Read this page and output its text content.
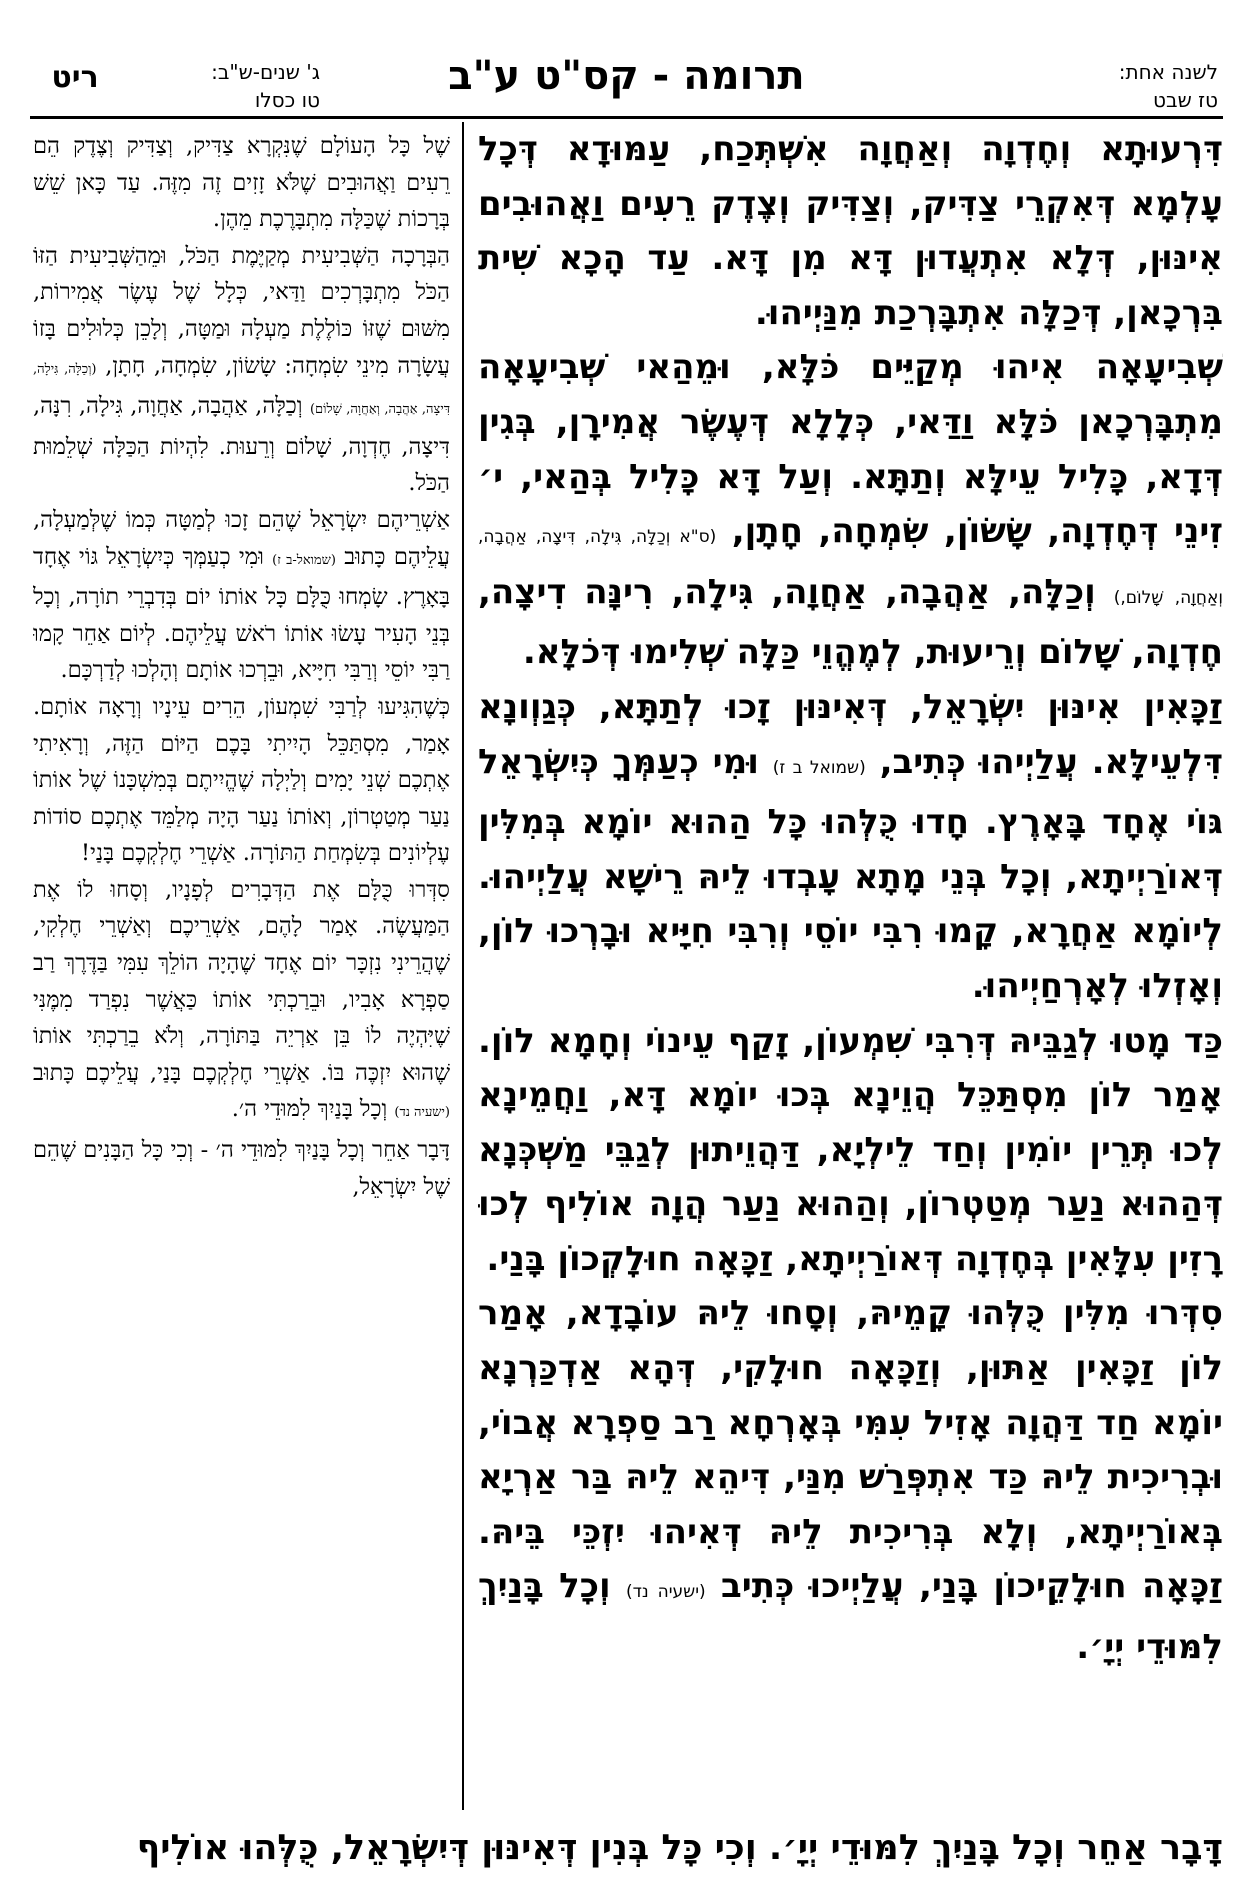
לשנה אחת:
טז שבט
תרומה - קס"ט ע"ב
ג' שנים-ש"ב:
טו כסלו
ריט

דִּרְעוּתָא וְחֶדְוָה וְאַחֲוָה אִשְׁתְּכַח, עַמּוּדָא דְּכָל עָלְמָא דְּאִקְרֵי צַדִּיק, וְצַדִּיק וְצֶדֶק רֵעִים וַאֲהוּבִים אִינּוּן, דְּלָא אִתְעֲדוּן דָּא מִן דָּא. עַד הָכָא שִׁית בִּרְכָאן, דְּכַלָּה אִתְבָּרְכַת מִנַּיְיהוּ.

שְׁבִיעָאָה אִיהוּ מְקַיֵּים כֹּלָּא, וּמֵהַאי שְׁבִיעָאָה מִתְבָּרְכָאן כֹּלָּא וַדַּאי, כְּלָלָא דְּעֶשֶׂר אֲמִירָן, בְּגִין דְּדָא, כָּלִיל עֵילָּא וְתַתָּא. וְעַל דָּא כָּלִיל בְּהַאי, י׳ זִינֵי דְּחֶדְוָה, שָׂשׂוֹן, שִׂמְחָה, חָתָן, (ס"א וְכַלָּה, גִּילָה, דִּיצָה, אַהֲבָה, וְאַחֲוָה, שָׁלוֹם,) וְכַלָּה, אַהֲבָה, אַחֲוָה, גִּילָה, רִינָּה דִיצָה, חֶדְוָה, שָׁלוֹם וְרֵיעוּת, לְמֶהֱוֵי כַּלָּה שְׁלִימוּ דְּכֹלָּא.

זַכָּאִין אִינּוּן יִשְׂרָאֵל, דְּאִינּוּן זָכוּ לְתַתָּא, כְּגַוְונָא דִּלְעֵילָּא. עֲלַיְיהוּ כְּתִיב, (שמואל ב ז) וּמִי כְעַמְּךָ כְּיִשְׂרָאֵל גּוֹי אֶחָד בָּאָרֶץ. חָדוּ כֻּלְּהוּ כָּל הַהוּא יוֹמָא בְּמִלִּין דְּאוֹרַיְיתָא, וְכָל בְּנֵי מָתָא עָבְדוּ לֵיהּ רֵישָׁא עֲלַיְיהוּ. לְיוֹמָא אַחֲרָא, קָמוּ רִבִּי יוֹסֵי וְרִבִּי חִיָּיא וּבָרְכוּ לוֹן, וְאָזְלוּ לְאָרְחַיְיהוּ.

כַּד מָטוּ לְגַבֵּיהּ דְּרִבִּי שִׁמְעוֹן, זָקַף עֵינוֹי וְחָמָא לוֹן. אָמַר לוֹן מִסְתַּכֵּל הֲוֵינָא בְּכוּ יוֹמָא דָּא, וַחֲמֵינָא לְכוּ תְּרֵין יוֹמִין וְחַד לֵילְיָא, דַּהֲוֵיתוּן לְגַבֵּי מַשְׁכְּנָא דְּהַהוּא נַעַר מְטַטְרוֹן, וְהַהוּא נַעַר הֲוָה אוֹלִיף לְכוּ רָזִין עִלָּאִין בְּחֶדְוָה דְּאוֹרַיְיתָא, זַכָּאָה חוּלָקְכוֹן בָּנַי.

סִדְּרוּ מִלִּין כֻּלְּהוּ קָמֵיהּ, וְסָחוּ לֵיהּ עוֹבָדָא, אָמַר לוֹן זַכָּאִין אַתּוּן, וְזַכָּאָה חוּלָקִי, דְּהָא אַדְכַּרְנָא יוֹמָא חַד דַּהֲוָה אָזִיל עִמִּי בְּאָרְחָא רַב סַפְרָא אֲבוֹי, וּבְרִיכִית לֵיהּ כַּד אִתְפְּרַשׁ מִנַּי, דִּיהֵא לֵיהּ בַּר אַרְיָא בְּאוֹרַיְיתָא, וְלָא בְּרִיכִית לֵיהּ דְּאִיהוּ יִזְכֵּי בֵּיהּ. זַכָּאָה חוּלָקֵיכוֹן בָּנַי, עֲלַיְיכוּ כְּתִיב (ישעיה נד) וְכָל בָּנַיִךְ לִמּוּדֵי יְיָ׳.

שֶׁל כָּל הָעוֹלָם שֶׁנִּקְרָא צַדִּיק, וְצַדִּיק וְצֶדֶק הֵם רֵעִים וַאֲהוּבִים שֶׁלֹּא זָזִים זֶה מִזֶּה. עַד כָּאן שֵׁשׁ בְּרָכוֹת שֶׁכַּלָּה מִתְבָּרֶכֶת מֵהֶן.

הַבְּרָכָה הַשְּׁבִיעִית מְקַיֶּמֶת הַכֹּל, וּמֵהַשְּׁבִיעִית הַזּוֹ הַכֹּל מִתְבָּרְכִים וַדַּאי, כְּלָל שֶׁל עֶשֶׂר אֲמִירוֹת, מִשּׁוּם שֶׁזּוֹ כּוֹלֶלֶת מַעְלָה וּמַטָּה, וְלָכֵן כְּלוּלִים בָּזוֹ עֲשָׂרָה מִינֵי שִׂמְחָה: שָׂשׂוֹן, שִׂמְחָה, חָתָן, (וְכַלָּה, גִּילָה, דִּיצָה, אַהֲבָה, וְאַחֲוָה, שָׁלוֹם) וְכַלָּה, אַהֲבָה, אַחֲוָה, גִּילָה, רִנָּה, דִּיצָה, חֶדְוָה, שָׁלוֹם וְרֵעוּת. לִהְיוֹת הַכַּלָּה שְׁלֵמוּת הַכֹּל.

אַשְׁרֵיהֶם יִשְׂרָאֵל שֶׁהֵם זָכוּ לְמַטָּה כְּמוֹ שֶׁלְּמַעְלָה, עֲלֵיהֶם כָּתוּב (שמואל-ב ז) וּמִי כְעַמְּךָ כְּיִשְׂרָאֵל גּוֹי אֶחָד בָּאָרֶץ. שָׂמְחוּ כֻּלָּם כָּל אוֹתוֹ יוֹם בְּדִבְרֵי תוֹרָה, וְכָל בְּנֵי הָעִיר עָשׂוּ אוֹתוֹ רֹאשׁ עֲלֵיהֶם. לְיוֹם אַחֵר קָמוּ רַבִּי יוֹסֵי וְרַבִּי חִיָּיא, וּבֵרְכוּ אוֹתָם וְהָלְכוּ לְדַרְכָּם.

כְּשֶׁהִגִּיעוּ לְרַבִּי שִׁמְעוֹן, הֵרִים עֵינָיו וְרָאָה אוֹתָם. אָמַר, מִסְתַּכֵּל הָיִיתִי בָּכֶם הַיּוֹם הַזֶּה, וְרָאִיתִי אֶתְכֶם שְׁנֵי יָמִים וְלַיְלָה שֶׁהֱיִיתֶם בְּמִשְׁכָּנוֹ שֶׁל אוֹתוֹ נַעַר מְטַטְרוֹן, וְאוֹתוֹ נַעַר הָיָה מְלַמֵּד אֶתְכֶם סוֹדוֹת עֶלְיוֹנִים בְּשִׂמְחַת הַתּוֹרָה. אַשְׁרֵי חֶלְקְכֶם בָּנַי!

סִדְּרוּ כֻּלָּם אֶת הַדְּבָרִים לְפָנָיו, וְסָחוּ לוֹ אֶת הַמַּעֲשֶׂה. אָמַר לָהֶם, אַשְׁרֵיכֶם וְאַשְׁרֵי חֶלְקִי, שֶׁהֲרֵינִי נִזְכָּר יוֹם אֶחָד שֶׁהָיָה הוֹלֵךְ עִמִּי בַּדֶּרֶךְ רַב סַפְרָא אָבִיו, וּבֵרַכְתִּי אוֹתוֹ כַּאֲשֶׁר נִפְרַד מִמֶּנִּי שֶׁיִּהְיֶה לוֹ בֵּן אַרְיֵה בַּתּוֹרָה, וְלֹא בֵרַכְתִּי אוֹתוֹ שֶׁהוּא יִזְכֶּה בּוֹ. אַשְׁרֵי חֶלְקְכֶם בָּנַי, עֲלֵיכֶם כָּתוּב (ישעיה נד) וְכָל בָּנַיִךְ לִמּוּדֵי ה׳.

דָּבָר אַחֵר וְכָל בָּנַיִךְ לִמּוּדֵי ה׳ - וְכִי כָּל הַבָּנִים שֶׁהֵם שֶׁל יִשְׂרָאֵל,

דָּבָר אַחֵר וְכָל בָּנַיִךְ לִמּוּדֵי יְיָ׳. וְכִי כָּל בְּנִין דְּאִינּוּן דְּיִשְׂרָאֵל, כֻּלְּהוּ אוֹלִיף
